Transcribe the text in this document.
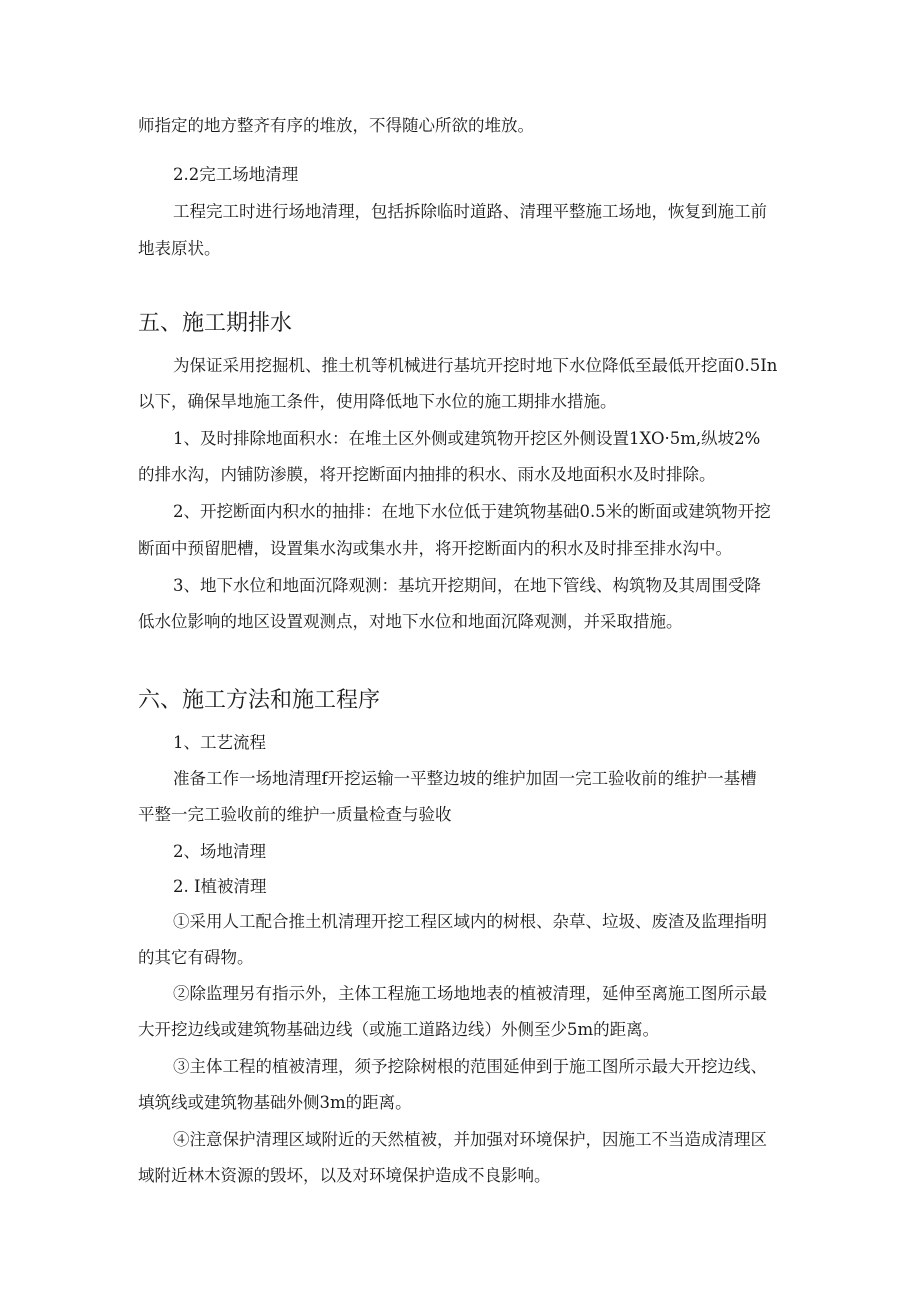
师指定的地方整齐有序的堆放，不得随心所欲的堆放。
2.2完工场地清理
工程完工时进行场地清理，包括拆除临时道路、清理平整施工场地，恢复到施工前
地表原状。
五、施工期排水
为保证采用挖掘机、推土机等机械进行基坑开挖时地下水位降低至最低开挖面0.5In
以下，确保旱地施工条件，使用降低地下水位的施工期排水措施。
1、及时排除地面积水：在堆土区外侧或建筑物开挖区外侧设置1XO·5m,纵坡2%
的排水沟，内铺防渗膜，将开挖断面内抽排的积水、雨水及地面积水及时排除。
2、开挖断面内积水的抽排：在地下水位低于建筑物基础0.5米的断面或建筑物开挖
断面中预留肥槽，设置集水沟或集水井，将开挖断面内的积水及时排至排水沟中。
3、地下水位和地面沉降观测：基坑开挖期间，在地下管线、构筑物及其周围受降
低水位影响的地区设置观测点，对地下水位和地面沉降观测，并采取措施。
六、施工方法和施工程序
1、工艺流程
准备工作一场地清理f开挖运输一平整边坡的维护加固一完工验收前的维护一基槽
平整一完工验收前的维护一质量检查与验收
2、场地清理
2. I植被清理
①采用人工配合推土机清理开挖工程区域内的树根、杂草、垃圾、废渣及监理指明
的其它有碍物。
②除监理另有指示外，主体工程施工场地地表的植被清理，延伸至离施工图所示最
大开挖边线或建筑物基础边线（或施工道路边线）外侧至少5m的距离。
③主体工程的植被清理，须予挖除树根的范围延伸到于施工图所示最大开挖边线、
填筑线或建筑物基础外侧3m的距离。
④注意保护清理区域附近的天然植被，并加强对环境保护，因施工不当造成清理区
域附近林木资源的毁坏，以及对环境保护造成不良影响。
